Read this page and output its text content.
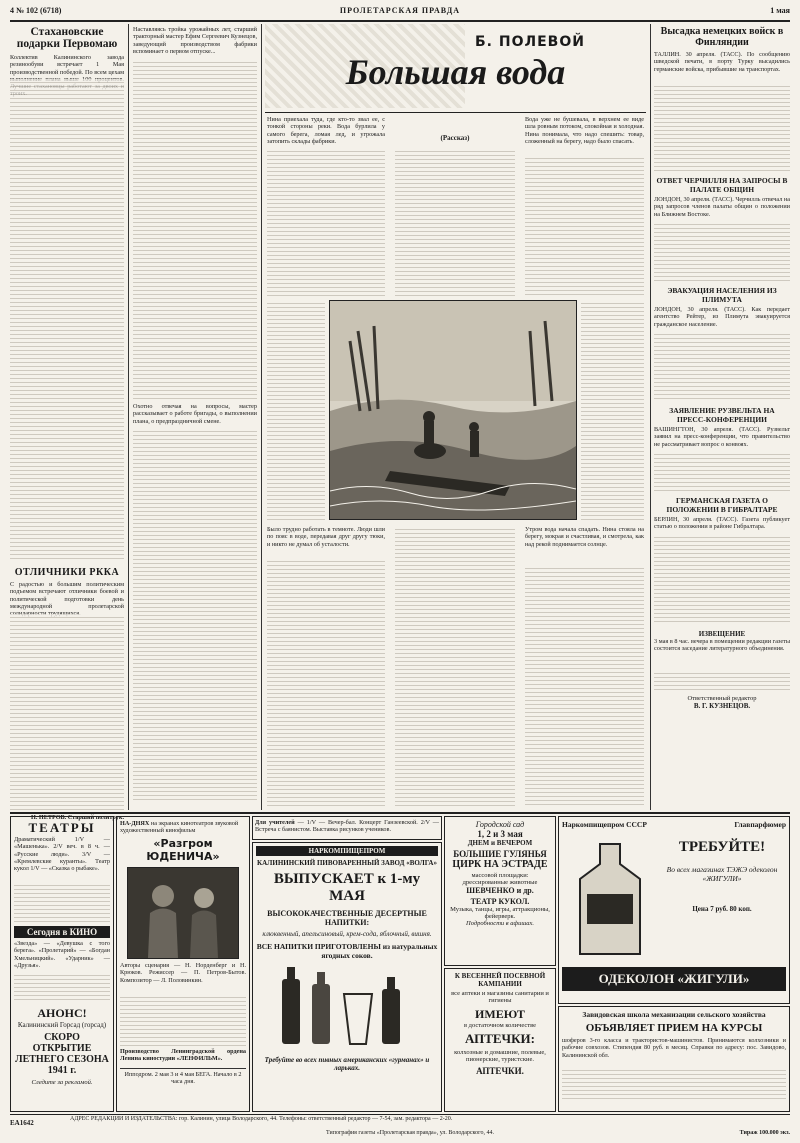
4 № 102 (6718)	ПРОЛЕТАРСКАЯ ПРАВДА	1 мая
Стахановские подарки Первомаю
Коллектив Калининского завода резинообуви встречает 1 Мая производственной победой. По всем цехам
ОТЛИЧНИКИ РККА
С радостью и большим политическим подъемом встречают отличники боевой и политической подготовки день международной пролетарской
Н. ПЕТРОВ. Старший политрук.
Наставляясь тройка урожайных лет, старший тракторный мастер Ефим Сергеевич Кузнецов, заведующий производством фабрики вспоминает о первом отпуске...
Охотно отвечая на вопросы, мастер рассказывает о работе бригады, о выполнении плана, о предпраздничной смене.
Б. ПОЛЕВОЙ
Большая вода
Нина приехала туда, где кто-то звал ее, с тонкой стороны реки. Вода бурлила у самого берега, ломая лед, и угрожала затопить склады фабрики.	(Рассказ)
Вода уже не бушевала, в верхнем ее виде шла ровным потоком, спокойная и холодная. Нина понимала, что надо спешить: товар, сложенный на берегу, надо было спасать.
Было трудно работать в темноте. Люди шли по пояс в воде, передавая друг другу тюки, и никто не думал об усталости.
Утром вода начала спадать. Нина стояла на берегу, мокрая и счастливая, и смотрела, как над рекой поднимается солнце.
Высадка немецких войск в Финляндии
ТАЛЛИН. 30 апреля. (ТАСС). По сообщению шведской печати, в порту Турку высадились германские войска, прибывшие на транспортах.
ОТВЕТ ЧЕРЧИЛЛЯ НА ЗАПРОСЫ В ПАЛАТЕ ОБЩИН
ЛОНДОН, 30 апреля. (ТАСС). Черчилль отвечал на ряд запросов членов палаты общин о положении на Ближнем Востоке.
ЭВАКУАЦИЯ НАСЕЛЕНИЯ ИЗ ПЛИМУТА
ЛОНДОН, 30 апреля. (ТАСС). Как передает агентство Рейтер, из Плимута эвакуируется гражданское население.
ЗАЯВЛЕНИЕ РУЗВЕЛЬТА НА ПРЕСС-КОНФЕРЕНЦИИ
ВАШИНГТОН, 30 апреля. (ТАСС). Рузвельт заявил на пресс-конференции, что правительство не рассматривает вопрос о конвоях.
ГЕРМАНСКАЯ ГАЗЕТА О ПОЛОЖЕНИИ В ГИБРАЛТАРЕ
БЕРЛИН, 30 апреля. (ТАСС). Газета публикует статью о положении в районе Гибралтара.
ИЗВЕЩЕНИЕ
3 мая в 8 час. вечера в помещении редакции газеты состоится заседание литературного объединения.
Ответственный редактор
В. Г. КУЗНЕЦОВ.
ТЕАТРЫ
Драматический 1/V — «Машенька». 2/V веч. в 8 ч. — «Русские люди». 3/V — «Кремлевские куранты». Театр кукол 1/V — «Сказка о рыбаке».
Сегодня в КИНО
«Звезда» — «Девушка с того берега». «Пролетарий» — «Богдан Хмельницкий». «Ударник» — «Друзья».
АНОНС!
Калининский Горсад (горсад)
СКОРО ОТКРЫТИЕ ЛЕТНЕГО СЕЗОНА 1941 г.
Следите за рекламой.
НА-ДНЯХ на экранах кинотеатров звуковой художественный кинофильм
«Разгром ЮДЕНИЧА»
Авторы сценария — Н. Норденберг и Н. Крюков. Режиссер — П. Петров-Бытов. Композитор — Л. Половинкин.
Производство Ленинградской ордена Ленина киностудии «ЛЕНФИЛЬМ».
Ипподром. 2 мая 3 и 4 мая БЕГА. Начало в 2 часа дня.
Для учителей — 1/V — Вечер-бал. Концерт Ганзеевской. 2/V — Встреча с баянистом. Выставка рисунков учеников.
НАРКОМПИЩЕПРОМ
КАЛИНИНСКИЙ ПИВОВАРЕННЫЙ ЗАВОД «ВОЛГА»
ВЫПУСКАЕТ к 1-му МАЯ
ВЫСОКОКАЧЕСТВЕННЫЕ ДЕСЕРТНЫЕ НАПИТКИ:
клюквенный, апельсиновый, крем-сода, яблочный, вишня.
ВСЕ НАПИТКИ ПРИГОТОВЛЕНЫ из натуральных ягодных соков.
Требуйте во всех пивных американских «гурманах» и ларьках.
Городской сад
1, 2 и 3 мая
ДНЕМ и ВЕЧЕРОМ
БОЛЬШИЕ ГУЛЯНЬЯ
ЦИРК НА ЭСТРАДЕ
массовой площадки: дрессированные животные
ШЕВЧЕНКО и др.
ТЕАТР КУКОЛ.
Музыка, танцы, игры, аттракционы, фейерверк.
Подробности в афишах.
К ВЕСЕННЕЙ ПОСЕВНОЙ КАМПАНИИ
все аптеки и магазины санитарии и гигиены
ИМЕЮТ
в достаточном количестве
АПТЕЧКИ:
колхозные и домашние, полевые, пионерские, туристские.
АПТЕЧКИ.
Наркомпищепром СССР	Главпарфюмер
ТРЕБУЙТЕ!
Во всех магазинах ТЭЖЭ одеколон «ЖИГУЛИ»
Цена 7 руб. 80 коп.
ОДЕКОЛОН «ЖИГУЛИ»
Завидовская школа механизации сельского хозяйства
ОБЪЯВЛЯЕТ ПРИЕМ НА КУРСЫ
шоферов 3-го класса и трактористов-машинистов. Принимаются колхозники и рабочие совхозов. Стипендия 80 руб. в месяц. Справки по адресу: пос. Завидово, Калининской обл.
ЕА1642	АДРЕС РЕДАКЦИИ И ИЗДАТЕЛЬСТВА: гор. Калинин, улица Володарского, 44. Телефоны: ответственный редактор — 7-54, зам. редактора — 2-20.
Типография газеты «Пролетарская правда», ул. Володарского, 44.	Тираж 100.000 экз.
